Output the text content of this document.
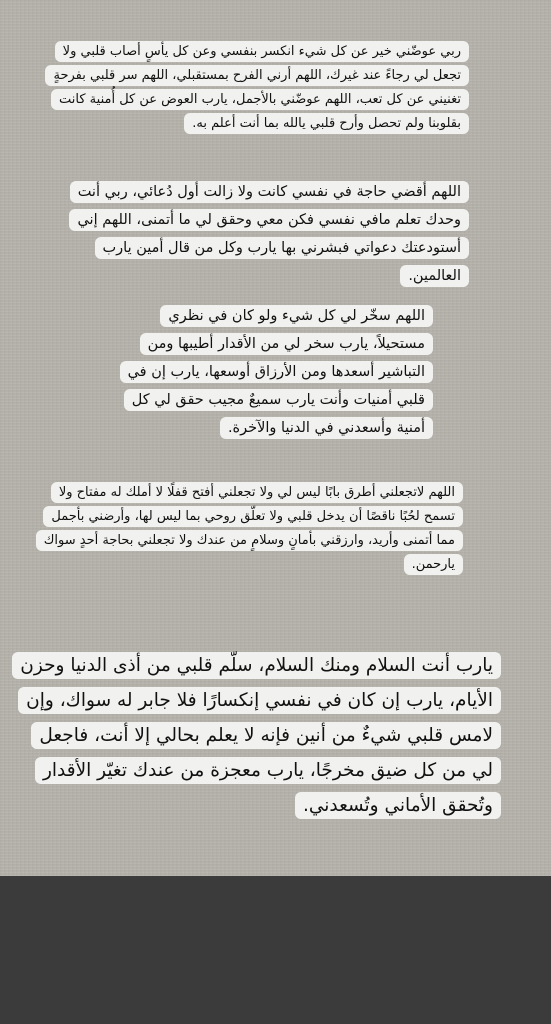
ربي عوضّني خير عن كل شيء انكسر بنفسي وعن كل يأسٍ أصاب قلبي ولا تجعل لي رجاءً عند غيرك، اللهم أرني الفرح بمستقبلي، اللهم سر قلبي بفرحةٍ تغنيني عن كل تعب، اللهم عوضّني بالأجمل، يارب العوض عن كل أُمنية كانت بقلوبنا ولم تحصل وأرح قلبي يالله بما أنت أعلم به.

اللهم أقضي حاجة في نفسي كانت ولا زالت أول دُعائي، ربي أنت وحدك تعلم مافي نفسي فكن معي وحقق لي ما أتمنى، اللهم إني أستودعتك دعواتي فبشرني بها يارب وكل من قال أمين يارب العالمين.

اللهم سخّر لي كل شيء ولو كان في نظري مستحيلاً، يارب سخر لي من الأقدار أطيبها ومن التباشير أسعدها ومن الأرزاق أوسعها، يارب إن في قلبي أمنيات وأنت يارب سميعٌ مجيب حقق لي كل أمنية وأسعدني في الدنيا والآخرة.

اللهم لاتجعلني أطرق بابًا ليس لي ولا تجعلني أفتح قفلًا لا أملك له مفتاح ولا تسمح لحُبًا ناقصًا أن يدخل قلبي ولا تعلّق روحي بما ليس لها، وأرضني بأجمل مما أتمنى وأريد، وارزقني بأمانٍ وسلامٍ من عندك ولا تجعلني بحاجة أحدٍ سواك يارحمن.

يارب أنت السلام ومنك السلام، سلّم قلبي من أذى الدنيا وحزن الأيام، يارب إن كان في نفسي إنكسارًا فلا جابر له سواك، وإن لامس قلبي شيءٌ من أنين فإنه لا يعلم بحالي إلا أنت، فاجعل لي من كل ضيق مخرجًا، يارب معجزة من عندك تغيّر الأقدار وتُحقق الأماني وتُسعدني.
